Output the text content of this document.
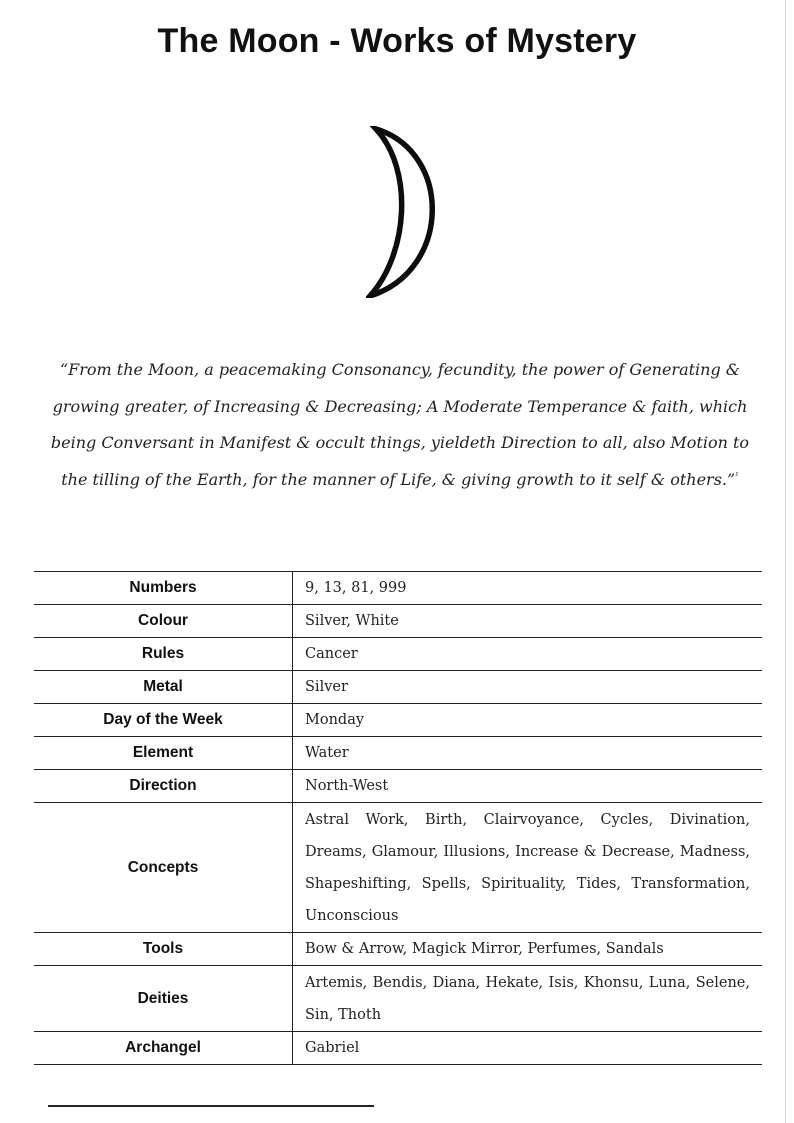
The Moon - Works of Mystery

“From the Moon, a peacemaking Consonancy, fecundity, the power of Generating & growing greater, of Increasing & Decreasing; A Moderate Temperance & faith, which being Conversant in Manifest & occult things, yieldeth Direction to all, also Motion to the tilling of the Earth, for the manner of Life, & giving growth to it self & others.”$^{^1}$

Numbers	9, 13, 81, 999
Colour	Silver, White
Rules	Cancer
Metal	Silver
Day of the Week	Monday
Element	Water
Direction	North-West
Concepts	Astral Work, Birth, Clairvoyance, Cycles, Divination, Dreams, Glamour, Illusions, Increase & Decrease, Madness, Shapeshifting, Spells, Spirituality, Tides, Transformation, Unconscious
Tools	Bow & Arrow, Magick Mirror, Perfumes, Sandals
Deities	Artemis, Bendis, Diana, Hekate, Isis, Khonsu, Luna, Selene, Sin, Thoth
Archangel	Gabriel
